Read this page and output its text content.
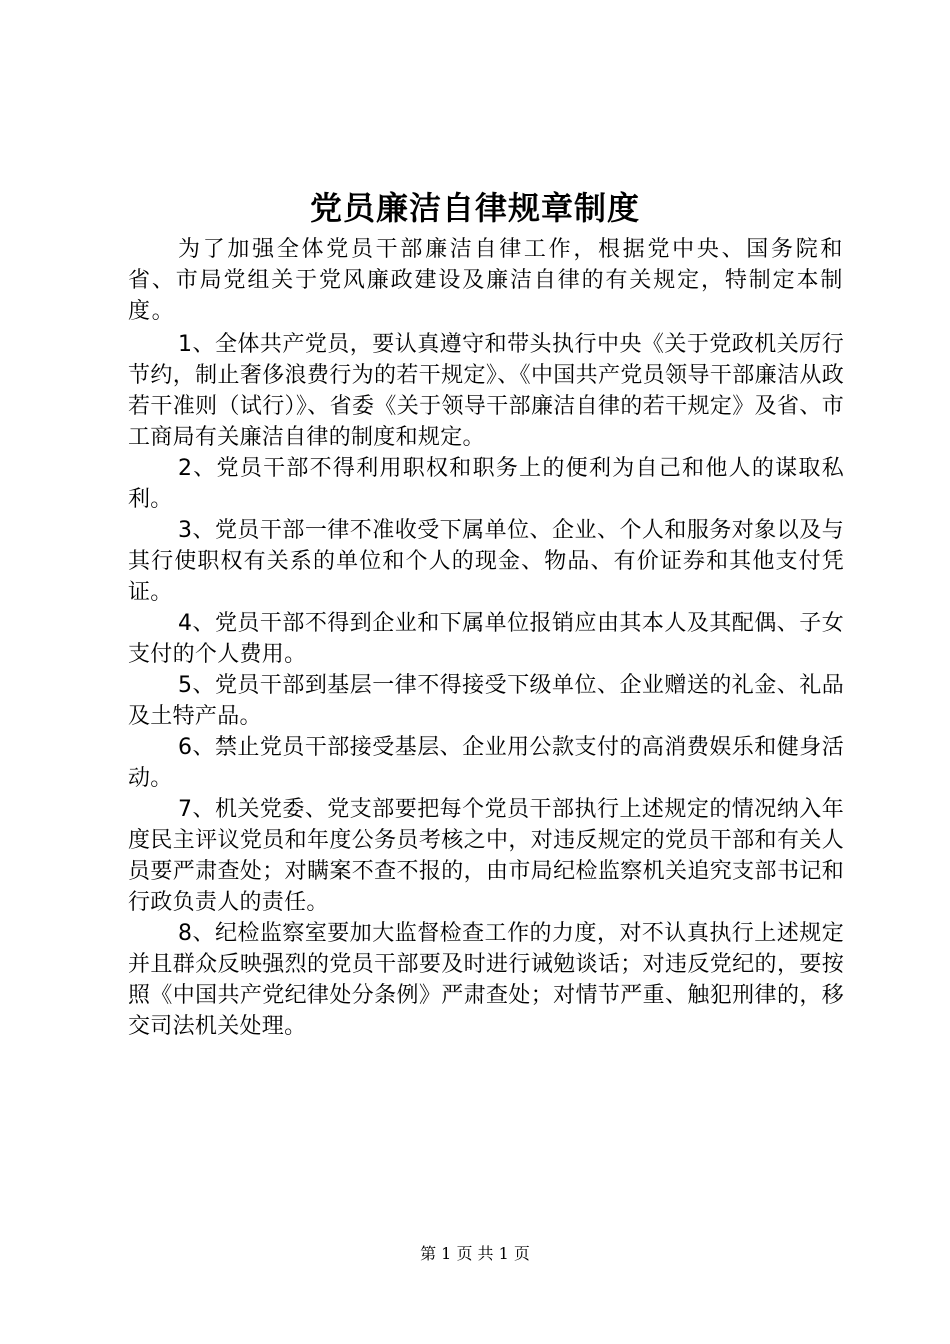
党员廉洁自律规章制度

为了加强全体党员干部廉洁自律工作，根据党中央、国务院和省、市局党组关于党风廉政建设及廉洁自律的有关规定，特制定本制度。

1、全体共产党员，要认真遵守和带头执行中央《关于党政机关厉行节约，制止奢侈浪费行为的若干规定》、《中国共产党员领导干部廉洁从政若干准则（试行）》、省委《关于领导干部廉洁自律的若干规定》及省、市工商局有关廉洁自律的制度和规定。

2、党员干部不得利用职权和职务上的便利为自己和他人的谋取私利。

3、党员干部一律不准收受下属单位、企业、个人和服务对象以及与其行使职权有关系的单位和个人的现金、物品、有价证券和其他支付凭证。

4、党员干部不得到企业和下属单位报销应由其本人及其配偶、子女支付的个人费用。

5、党员干部到基层一律不得接受下级单位、企业赠送的礼金、礼品及土特产品。

6、禁止党员干部接受基层、企业用公款支付的高消费娱乐和健身活动。

7、机关党委、党支部要把每个党员干部执行上述规定的情况纳入年度民主评议党员和年度公务员考核之中，对违反规定的党员干部和有关人员要严肃查处；对瞒案不查不报的，由市局纪检监察机关追究支部书记和行政负责人的责任。

8、纪检监察室要加大监督检查工作的力度，对不认真执行上述规定并且群众反映强烈的党员干部要及时进行诫勉谈话；对违反党纪的，要按照《中国共产党纪律处分条例》严肃查处；对情节严重、触犯刑律的，移交司法机关处理。

第 1 页 共 1 页
